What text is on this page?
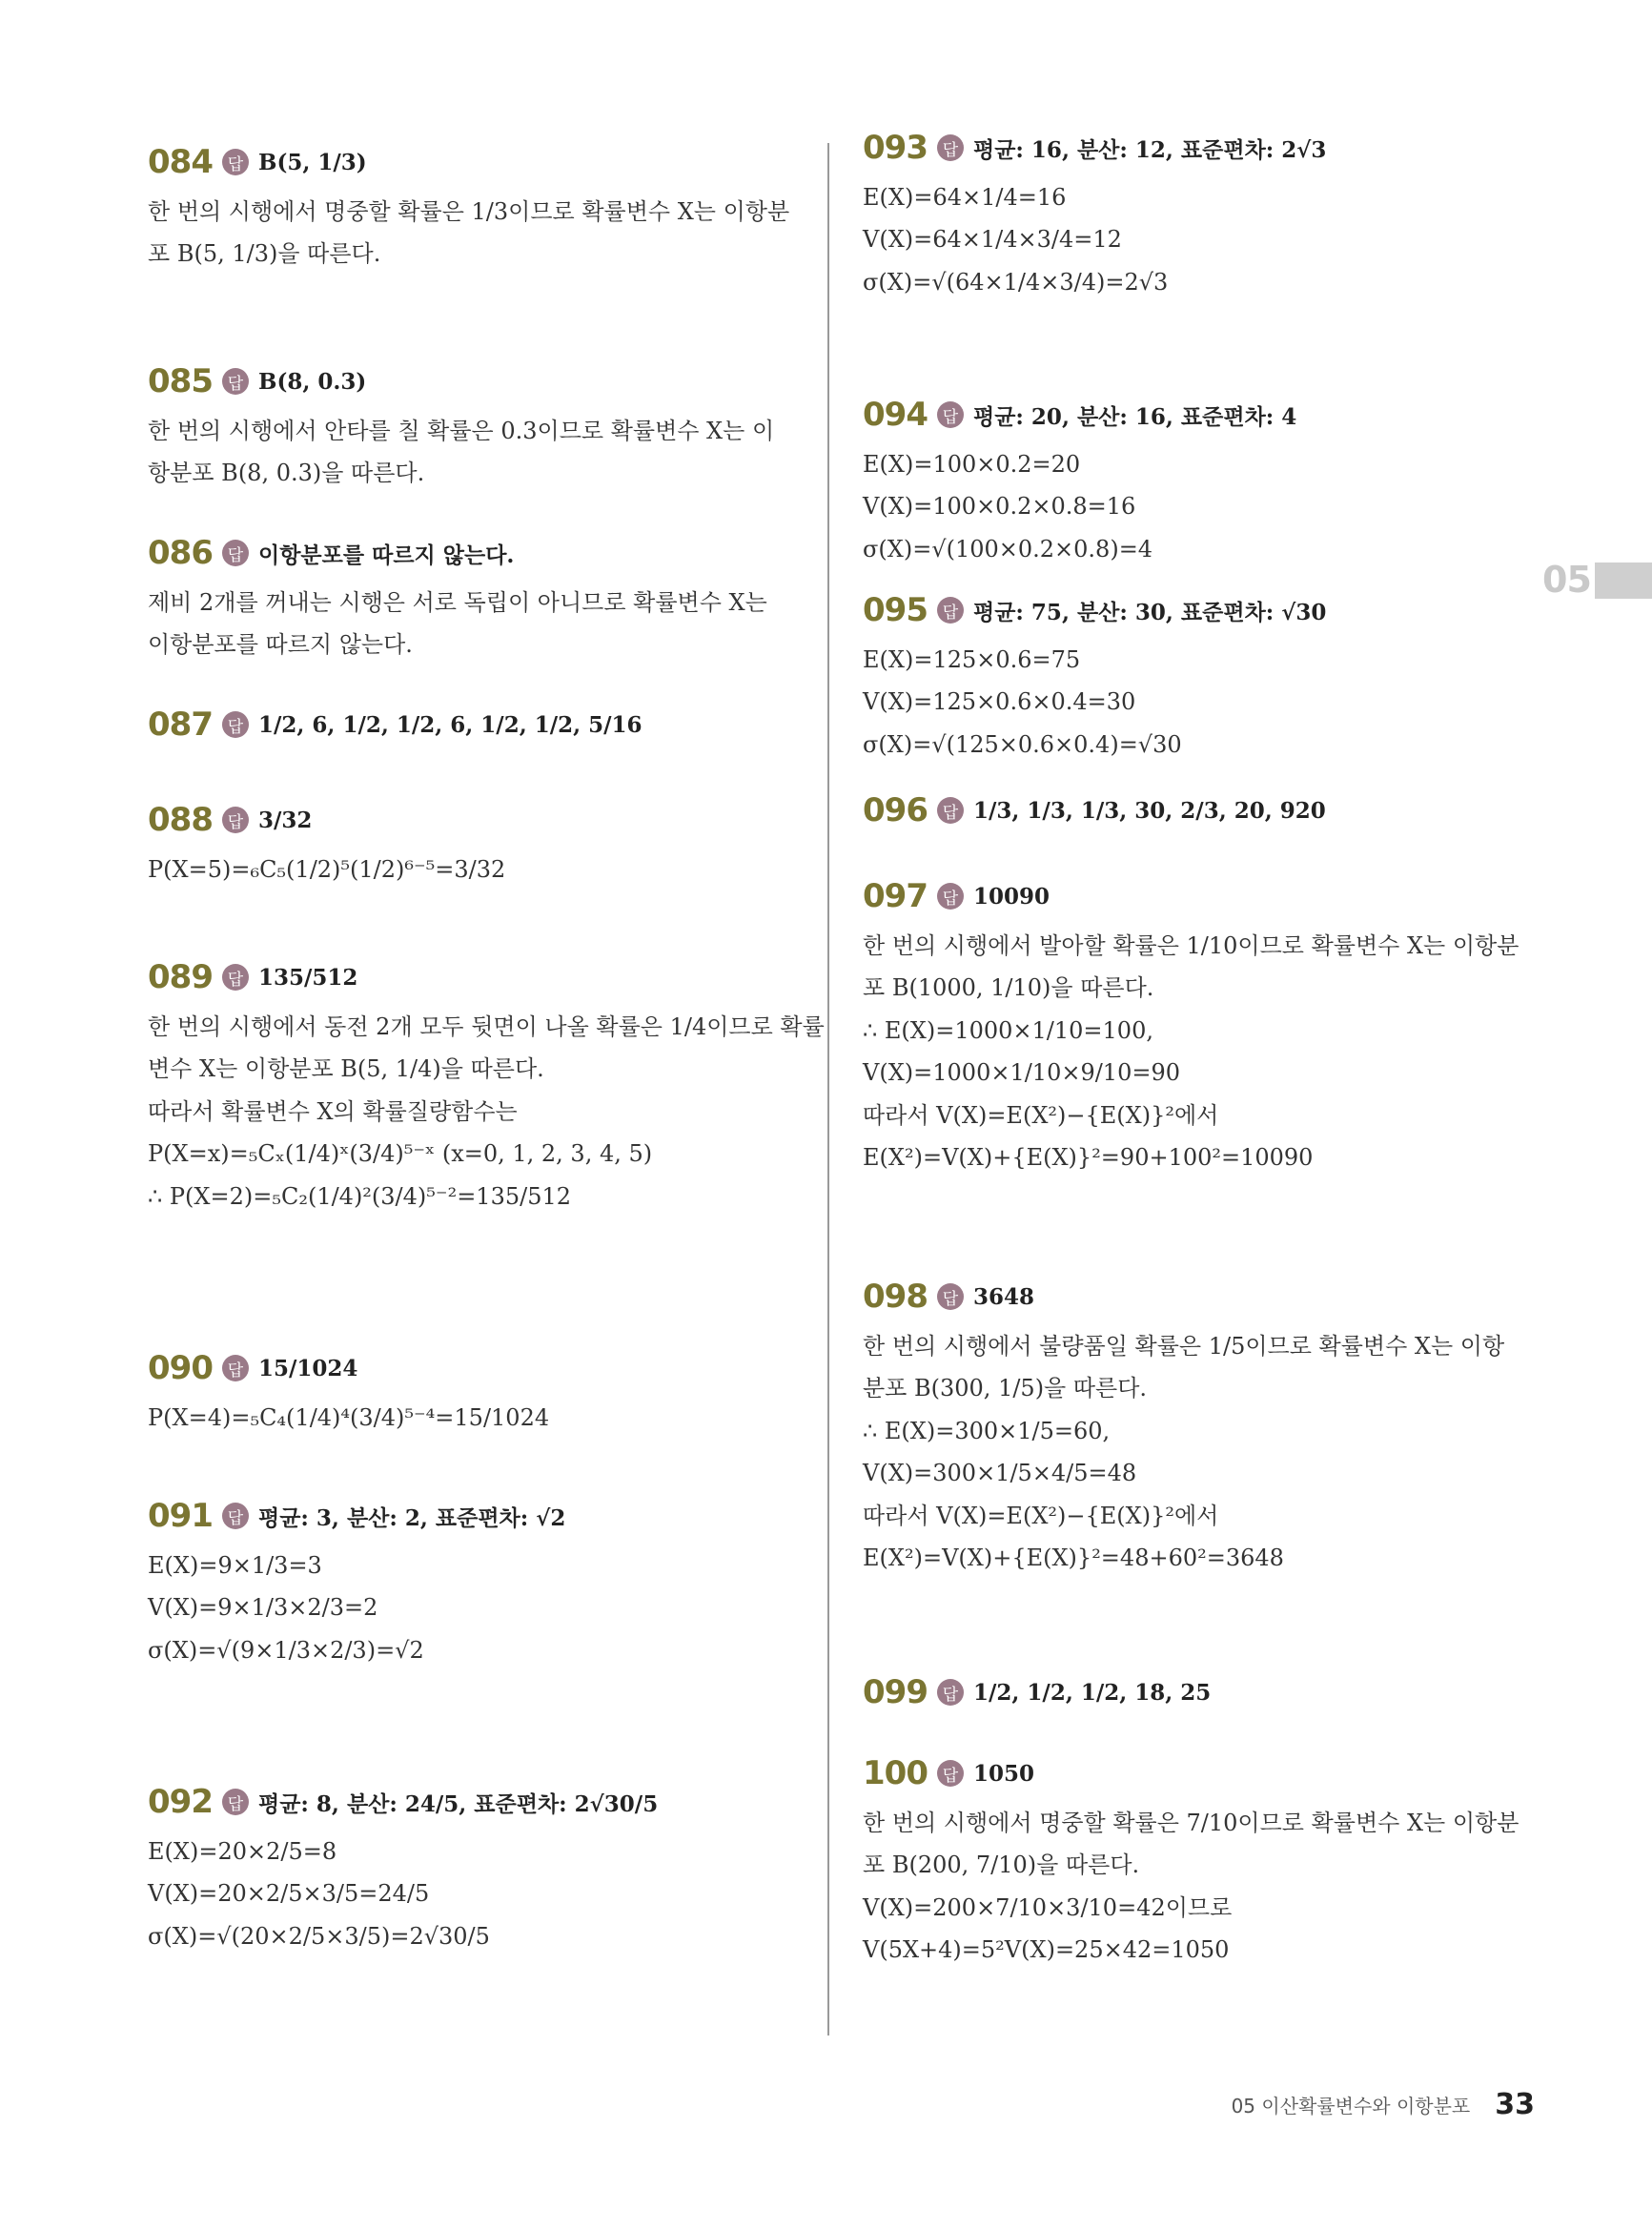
084 답 B(5, 1/3)
한 번의 시행에서 명중할 확률은 1/3이므로 확률변수 X는 이항분
포 B(5, 1/3)을 따른다.
085 답 B(8, 0.3)
한 번의 시행에서 안타를 칠 확률은 0.3이므로 확률변수 X는 이
항분포 B(8, 0.3)을 따른다.
086 답 이항분포를 따르지 않는다.
제비 2개를 꺼내는 시행은 서로 독립이 아니므로 확률변수 X는
이항분포를 따르지 않는다.
087 답 1/2, 6, 1/2, 1/2, 6, 1/2, 1/2, 5/16
088 답 3/32
P(X=5)=₆C₅(1/2)⁵(1/2)⁶⁻⁵=3/32
089 답 135/512
한 번의 시행에서 동전 2개 모두 뒷면이 나올 확률은 1/4이므로 확률
변수 X는 이항분포 B(5, 1/4)을 따른다.
따라서 확률변수 X의 확률질량함수는
P(X=x)=₅Cₓ(1/4)ˣ(3/4)⁵⁻ˣ (x=0, 1, 2, 3, 4, 5)
∴ P(X=2)=₅C₂(1/4)²(3/4)⁵⁻²=135/512
090 답 15/1024
P(X=4)=₅C₄(1/4)⁴(3/4)⁵⁻⁴=15/1024
091 답 평균: 3, 분산: 2, 표준편차: √2
E(X)=9×1/3=3
V(X)=9×1/3×2/3=2
σ(X)=√(9×1/3×2/3)=√2
092 답 평균: 8, 분산: 24/5, 표준편차: 2√30/5
E(X)=20×2/5=8
V(X)=20×2/5×3/5=24/5
σ(X)=√(20×2/5×3/5)=2√30/5
093 답 평균: 16, 분산: 12, 표준편차: 2√3
E(X)=64×1/4=16
V(X)=64×1/4×3/4=12
σ(X)=√(64×1/4×3/4)=2√3
094 답 평균: 20, 분산: 16, 표준편차: 4
E(X)=100×0.2=20
V(X)=100×0.2×0.8=16
σ(X)=√(100×0.2×0.8)=4
095 답 평균: 75, 분산: 30, 표준편차: √30
E(X)=125×0.6=75
V(X)=125×0.6×0.4=30
σ(X)=√(125×0.6×0.4)=√30
096 답 1/3, 1/3, 1/3, 30, 2/3, 20, 920
097 답 10090
한 번의 시행에서 발아할 확률은 1/10이므로 확률변수 X는 이항분
포 B(1000, 1/10)을 따른다.
∴ E(X)=1000×1/10=100,
V(X)=1000×1/10×9/10=90
따라서 V(X)=E(X²)−{E(X)}²에서
E(X²)=V(X)+{E(X)}²=90+100²=10090
098 답 3648
한 번의 시행에서 불량품일 확률은 1/5이므로 확률변수 X는 이항
분포 B(300, 1/5)을 따른다.
∴ E(X)=300×1/5=60,
V(X)=300×1/5×4/5=48
따라서 V(X)=E(X²)−{E(X)}²에서
E(X²)=V(X)+{E(X)}²=48+60²=3648
099 답 1/2, 1/2, 1/2, 18, 25
100 답 1050
한 번의 시행에서 명중할 확률은 7/10이므로 확률변수 X는 이항분
포 B(200, 7/10)을 따른다.
V(X)=200×7/10×3/10=42이므로
V(5X+4)=5²V(X)=25×42=1050
05
05 이산확률변수와 이항분포 33
